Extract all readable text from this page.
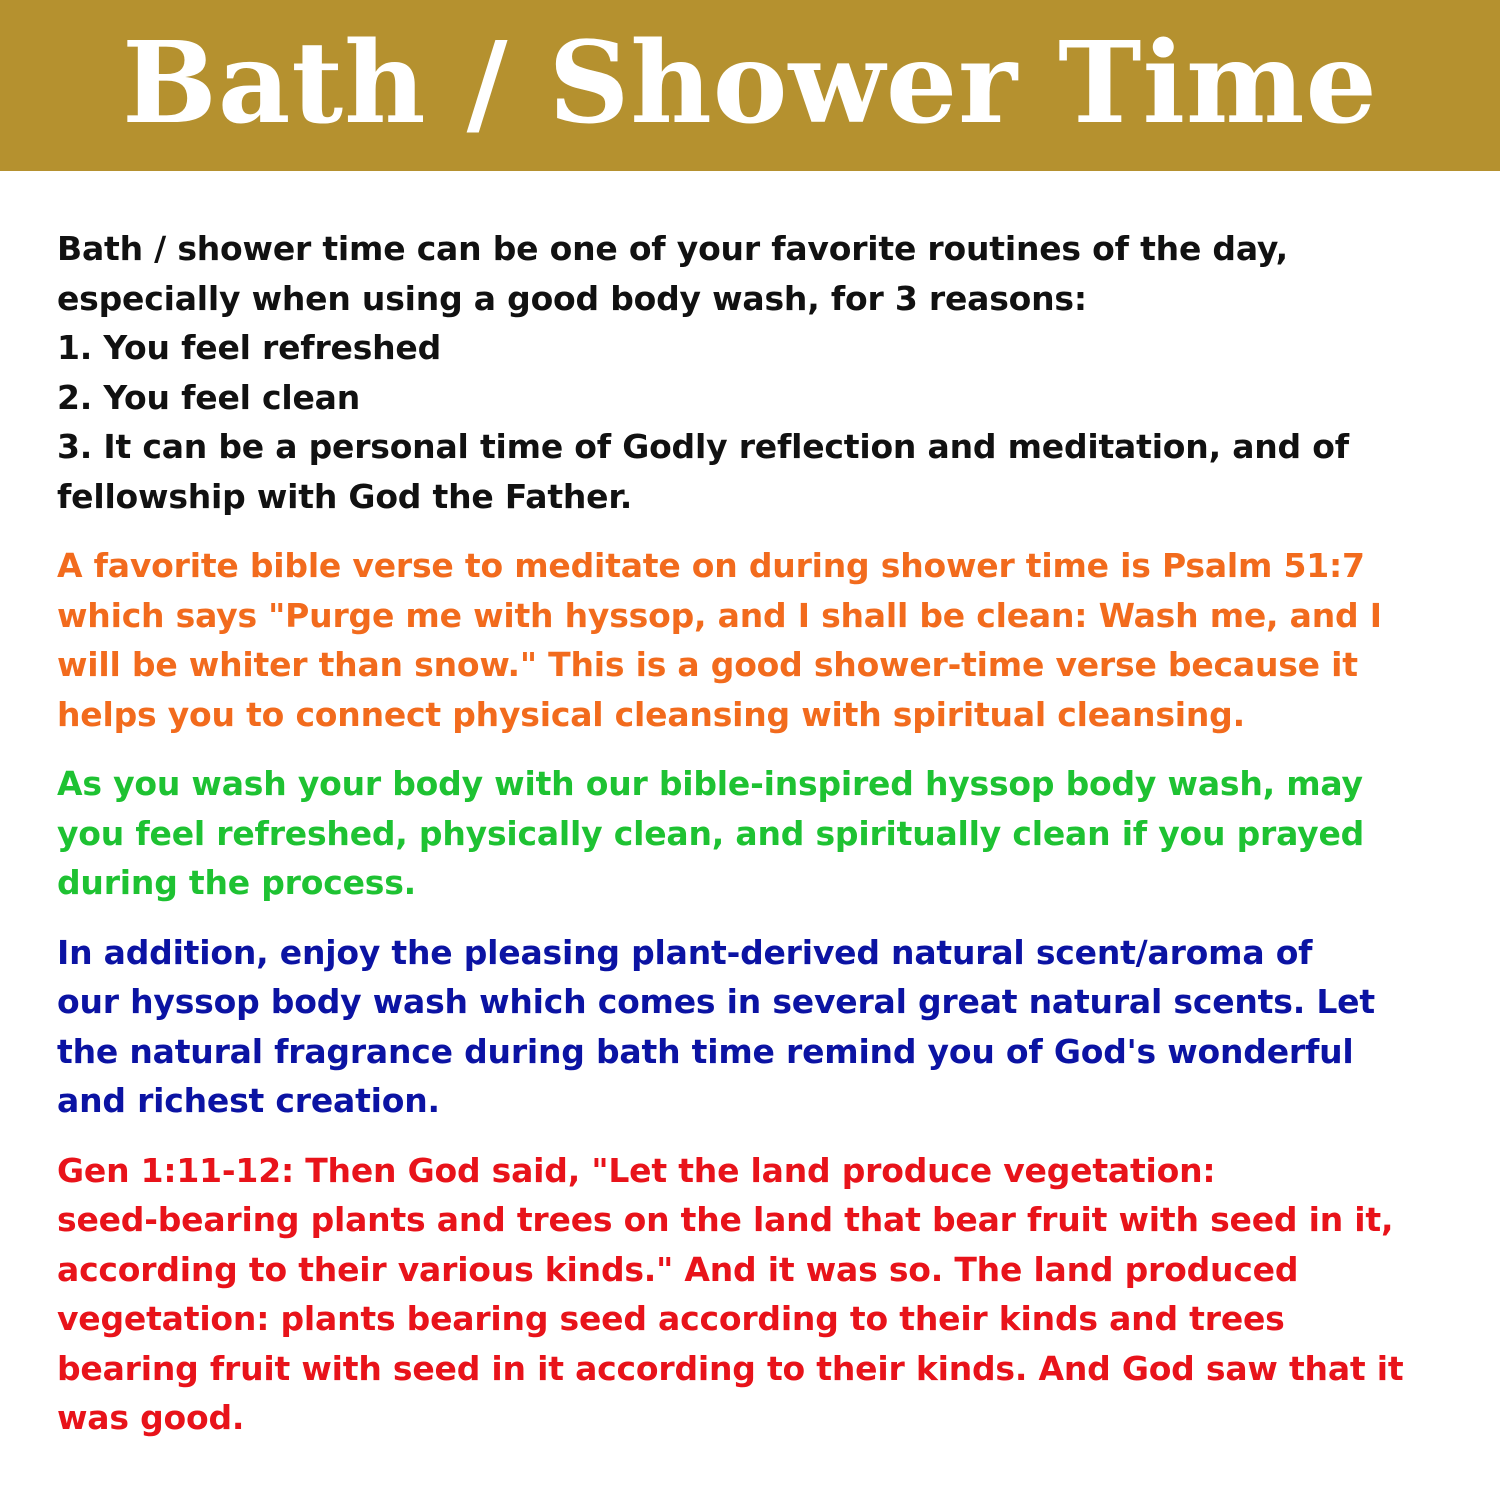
Bath / Shower Time
Bath / shower time can be one of your favorite routines of the day,
especially when using a good body wash, for 3 reasons:
1. You feel refreshed
2. You feel clean
3. It can be a personal time of Godly reflection and meditation, and of
fellowship with God the Father.
A favorite bible verse to meditate on during shower time is Psalm 51:7
which says "Purge me with hyssop, and I shall be clean: Wash me, and I
will be whiter than snow." This is a good shower-time verse because it
helps you to connect physical cleansing with spiritual cleansing.
As you wash your body with our bible-inspired hyssop body wash, may
you feel refreshed, physically clean, and spiritually clean if you prayed
during the process.
In addition, enjoy the pleasing plant-derived natural scent/aroma of
our hyssop body wash which comes in several great natural scents. Let
the natural fragrance during bath time remind you of God's wonderful
and richest creation.
Gen 1:11-12: Then God said, "Let the land produce vegetation:
seed-bearing plants and trees on the land that bear fruit with seed in it,
according to their various kinds." And it was so. The land produced
vegetation: plants bearing seed according to their kinds and trees
bearing fruit with seed in it according to their kinds. And God saw that it
was good.
